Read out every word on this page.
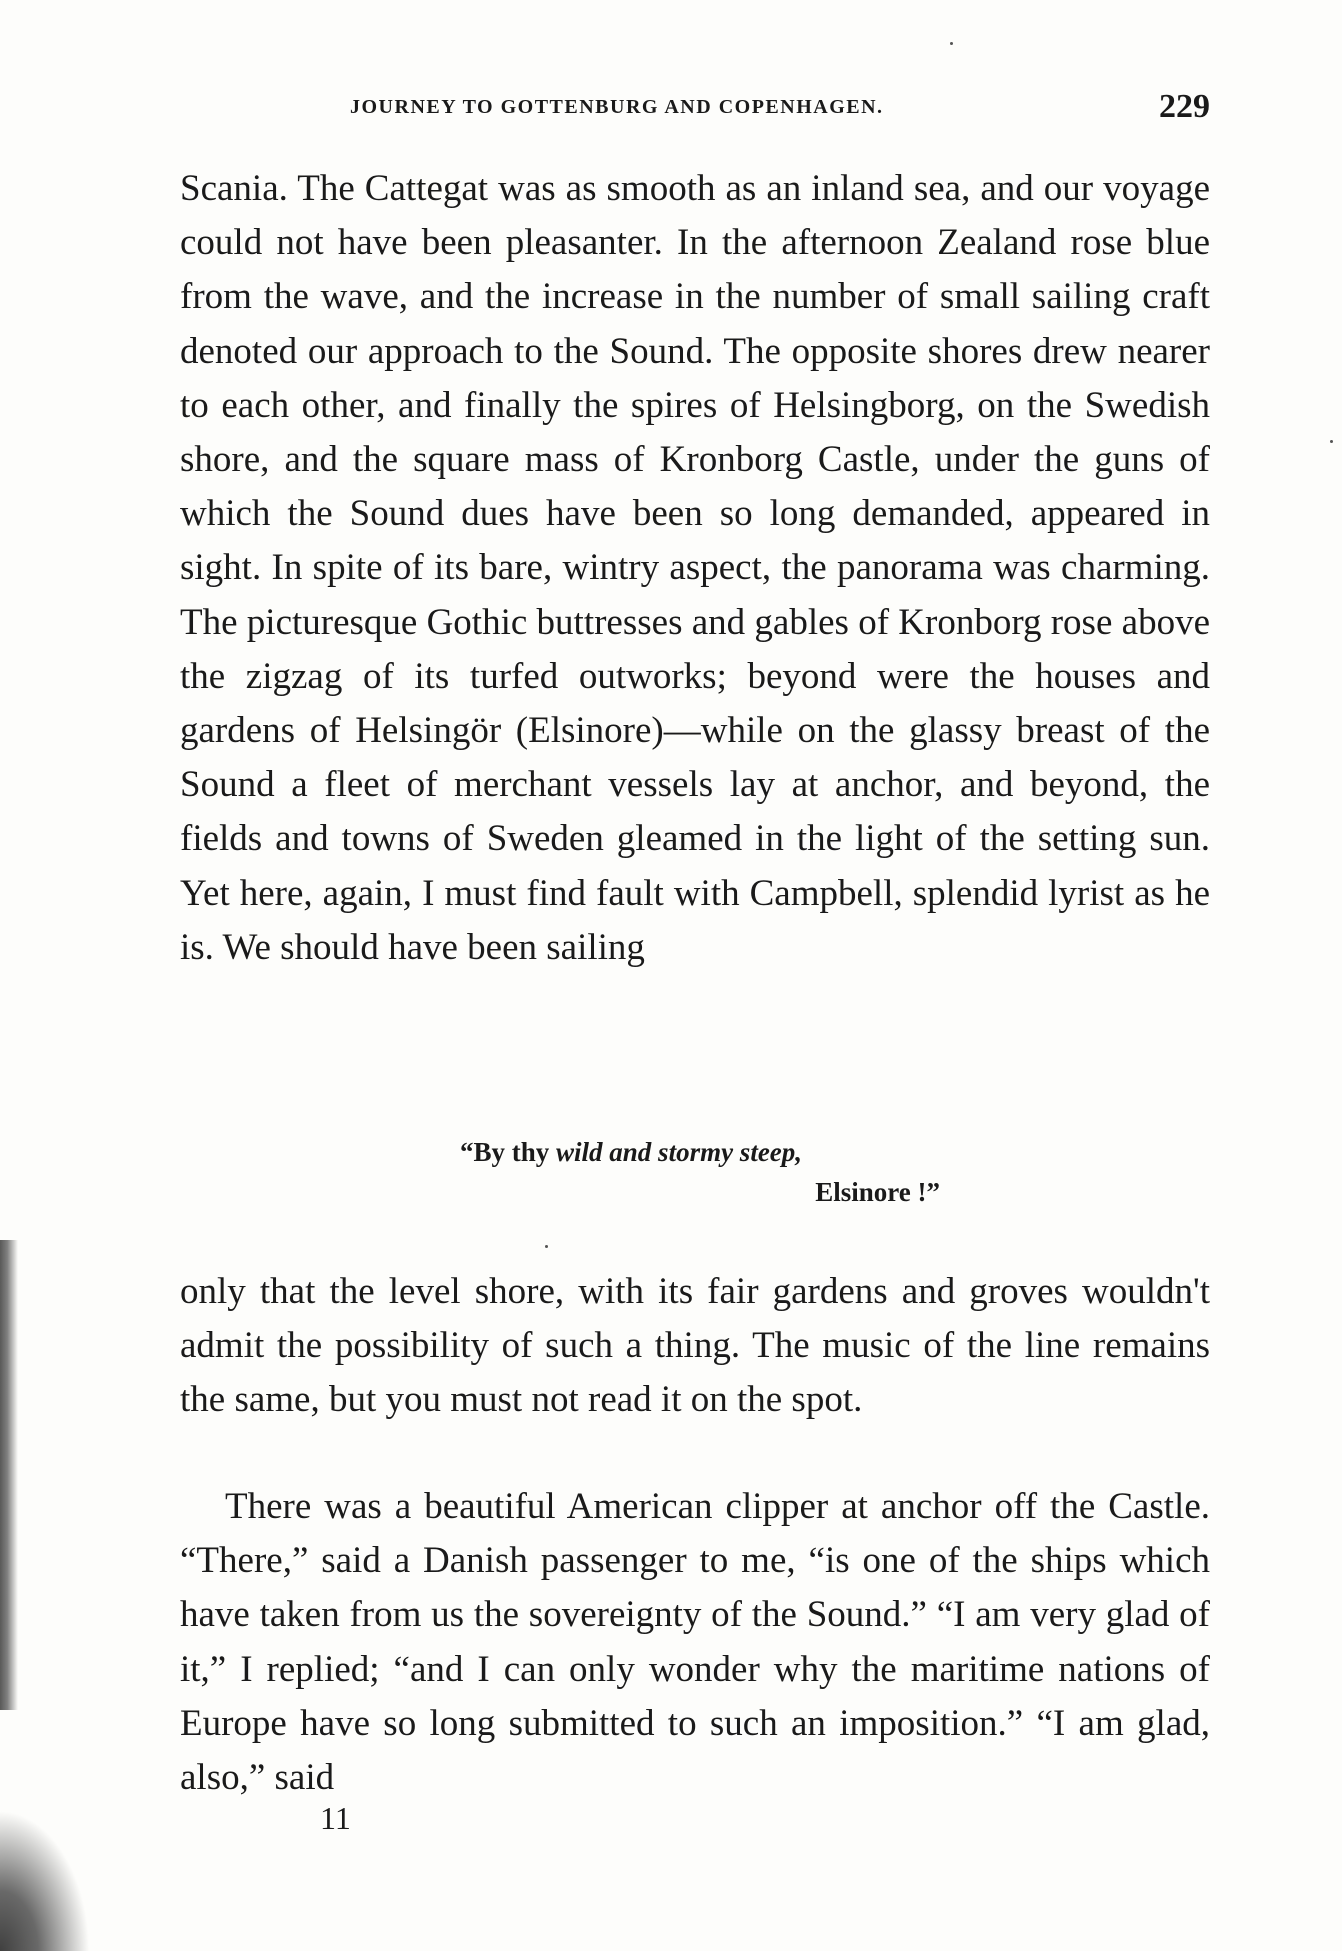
JOURNEY TO GOTTENBURG AND COPENHAGEN.	229

Scania. The Cattegat was as smooth as an inland sea, and our voyage could not have been pleasanter. In the afternoon Zealand rose blue from the wave, and the increase in the number of small sailing craft denoted our approach to the Sound. The opposite shores drew nearer to each other, and finally the spires of Helsingborg, on the Swedish shore, and the square mass of Kronborg Castle, under the guns of which the Sound dues have been so long demanded, appeared in sight. In spite of its bare, wintry aspect, the panorama was charming. The picturesque Gothic buttresses and gables of Kronborg rose above the zigzag of its turfed outworks; beyond were the houses and gardens of Helsingör (Elsinore)—while on the glassy breast of the Sound a fleet of merchant vessels lay at anchor, and beyond, the fields and towns of Sweden gleamed in the light of the setting sun. Yet here, again, I must find fault with Campbell, splendid lyrist as he is. We should have been sailing

“By thy wild and stormy steep,
Elsinore !”

only that the level shore, with its fair gardens and groves wouldn't admit the possibility of such a thing. The music of the line remains the same, but you must not read it on the spot.

There was a beautiful American clipper at anchor off the Castle. “There,” said a Danish passenger to me, “is one of the ships which have taken from us the sovereignty of the Sound.” “I am very glad of it,” I replied; “and I can only wonder why the maritime nations of Europe have so long submitted to such an imposition.” “I am glad, also,” said

11
